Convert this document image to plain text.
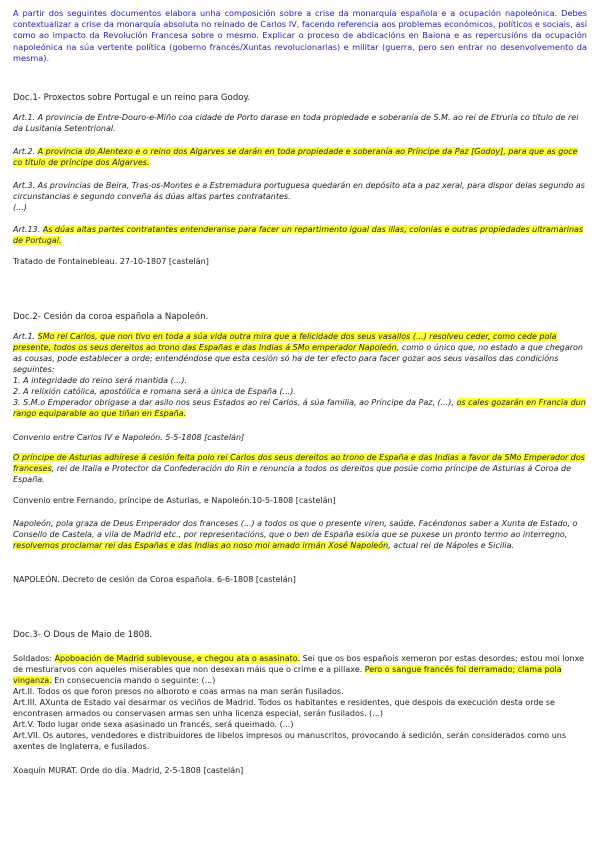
A partir dos seguintes documentos elabora unha composición sobre a crise da monarquía española e a ocupación napoleónica. Debes contextualizar a crise da monarquía absoluta no reinado de Carlos IV, facendo referencia aos problemas económicos, políticos e sociais, así como ao impacto da Revolución Francesa sobre o mesmo. Explicar o proceso de abdicacións en Baiona e as repercusións da ocupación napoleónica na súa vertente política (goberno francés/Xuntas revolucionarias) e militar (guerra, pero sen entrar no desenvolvemento da mesma).

Doc.1- Proxectos sobre Portugal e un reino para Godoy.

Art.1. A provincia de Entre-Douro-e-Miño coa cidade de Porto darase en toda propiedade e soberanía de S.M. ao rei de Etruria co título de rei da Lusitania Setentrional.

Art.2. A provincia do Alentexo e o reino dos Algarves se darán en toda propiedade e soberanía ao Príncipe da Paz [Godoy], para que as goce co título de príncipe dos Algarves.

Art.3. As provincias de Beira, Tras-os-Montes e a Estremadura portuguesa quedarán en depósito ata a paz xeral, para dispor delas segundo as circunstancias e segundo conveña ás dúas altas partes contratantes.

(...)

Art.13. As dúas altas partes contratantes entenderanse para facer un repartimento igual das illas, colonias e outras propiedades ultramarinas de Portugal.

Tratado de Fontainebleau. 27-10-1807 [castelán]

Doc.2- Cesión da coroa española a Napoleón.

Art.1. SMo rei Carlos, que non tivo en toda a súa vida outra mira que a felicidade dos seus vasallos (...) resolveu ceder, como cede pola presente, todos os seus dereitos ao trono das Españas e das Indias á SMo emperador Napoleón, como o único que, no estado a que chegaron as cousas, pode establecer a orde; entendéndose que esta cesión só ha de ter efecto para facer gozar aos seus vasallos das condicións seguintes:

1. A integridade do reino será mantida (...).

2. A relixión católica, apostólica e romana será a única de España (...).

3. S.M.o Emperador obrígase a dar asilo nos seus Estados ao rei Carlos, á súa familia, ao Príncipe da Paz, (...), os cales gozarán en Francia dun rango equiparable ao que tiñan en España.

Convenio entre Carlos IV e Napoleón. 5-5-1808 [castelán]

O príncipe de Asturias adhírese á cesión feita polo rei Carlos dos seus dereitos ao trono de España e das Indias a favor da SMo Emperador dos franceses, rei de Italia e Protector da Confederación do Rin e renuncia a todos os dereitos que posúe como príncipe de Asturias á Coroa de España.

Convenio entre Fernando, príncipe de Asturias, e Napoleón.10-5-1808 [castelán]

Napoleón, pola graza de Deus Emperador dos franceses (...) a todos os que o presente viren, saúde. Facéndonos saber a Xunta de Estado, o Consello de Castela, a vila de Madrid etc., por representacións, que o ben de España esixía que se puxese un pronto termo ao interregno, resolvemos proclamar rei das Españas e das Indias ao noso moi amado irmán Xosé Napoleón, actual rei de Nápoles e Sicilia.

NAPOLEÓN. Decreto de cesión da Coroa española. 6-6-1808 [castelán]

Doc.3- O Dous de Maio de 1808.

Soldados: Apoboación de Madrid sublevouse, e chegou ata o asasinato. Sei que os bos españois xemeron por estas desordes; estou moi lonxe de mesturarvos con aqueles miserables que non desexan máis que o crime e a pillaxe. Pero o sangue francés foi derramado; clama pola vinganza. En consecuencia mando o seguinte: (...)

Art.II. Todos os que foron presos no alboroto e coas armas na man serán fusilados.

Art.III. AXunta de Estado vai desarmar os veciños de Madrid. Todos os habitantes e residentes, que despois da execución desta orde se encontrasen armados ou conservasen armas sen unha licenza especial, serán fusilados. (...)

Art.V. Todo lugar onde sexa asasinado un francés, será queimado. (...)

Art.VII. Os autores, vendedores e distribuidores de libelos impresos ou manuscritos, provocando á sedición, serán considerados como uns axentes de Inglaterra, e fusilados.

Xoaquín MURAT. Orde do día. Madrid, 2-5-1808 [castelán]
